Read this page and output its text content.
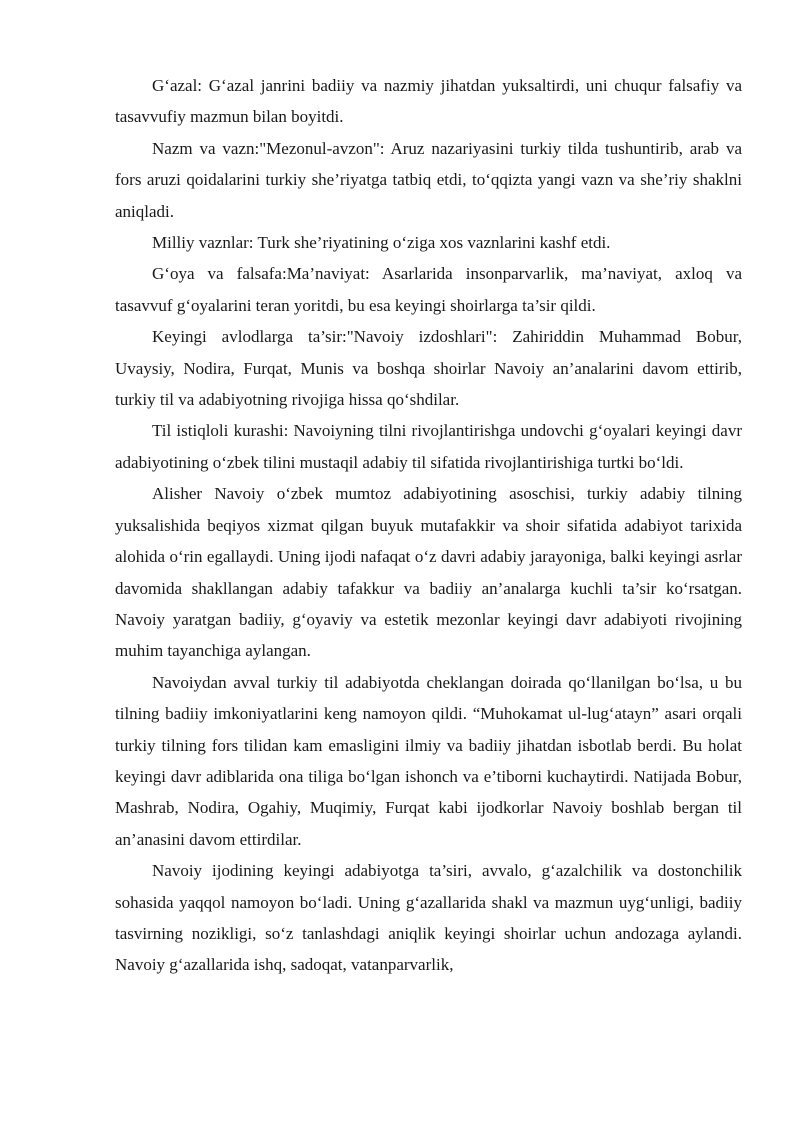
G‘azal: G‘azal janrini badiiy va nazmiy jihatdan yuksaltirdi, uni chuqur falsafiy va tasavvufiy mazmun bilan boyitdi.

Nazm va vazn:"Mezonul-avzon": Aruz nazariyasini turkiy tilda tushuntirib, arab va fors aruzi qoidalarini turkiy she’riyatga tatbiq etdi, to‘qqizta yangi vazn va she’riy shaklni aniqladi.

Milliy vaznlar: Turk she’riyatining o‘ziga xos vaznlarini kashf etdi.

G‘oya va falsafa:Ma’naviyat: Asarlarida insonparvarlik, ma’naviyat, axloq va tasavvuf g‘oyalarini teran yoritdi, bu esa keyingi shoirlarga ta’sir qildi.

Keyingi avlodlarga ta’sir:"Navoiy izdoshlari": Zahiriddin Muhammad Bobur, Uvaysiy, Nodira, Furqat, Munis va boshqa shoirlar Navoiy an’analarini davom ettirib, turkiy til va adabiyotning rivojiga hissa qo‘shdilar.

Til istiqloli kurashi: Navoiyning tilni rivojlantirishga undovchi g‘oyalari keyingi davr adabiyotining o‘zbek tilini mustaqil adabiy til sifatida rivojlantirishiga turtki bo‘ldi.

Alisher Navoiy o‘zbek mumtoz adabiyotining asoschisi, turkiy adabiy tilning yuksalishida beqiyos xizmat qilgan buyuk mutafakkir va shoir sifatida adabiyot tarixida alohida o‘rin egallaydi. Uning ijodi nafaqat o‘z davri adabiy jarayoniga, balki keyingi asrlar davomida shakllangan adabiy tafakkur va badiiy an’analarga kuchli ta’sir ko‘rsatgan. Navoiy yaratgan badiiy, g‘oyaviy va estetik mezonlar keyingi davr adabiyoti rivojining muhim tayanchiga aylangan.

Navoiydan avval turkiy til adabiyotda cheklangan doirada qo‘llanilgan bo‘lsa, u bu tilning badiiy imkoniyatlarini keng namoyon qildi. “Muhokamat ul-lug‘atayn” asari orqali turkiy tilning fors tilidan kam emasligini ilmiy va badiiy jihatdan isbotlab berdi. Bu holat keyingi davr adiblarida ona tiliga bo‘lgan ishonch va e’tiborni kuchaytirdi. Natijada Bobur, Mashrab, Nodira, Ogahiy, Muqimiy, Furqat kabi ijodkorlar Navoiy boshlab bergan til an’anasini davom ettirdilar.

Navoiy ijodining keyingi adabiyotga ta’siri, avvalo, g‘azalchilik va dostonchilik sohasida yaqqol namoyon bo‘ladi. Uning g‘azallarida shakl va mazmun uyg‘unligi, badiiy tasvirning nozikligi, so‘z tanlashdagi aniqlik keyingi shoirlar uchun andozaga aylandi. Navoiy g‘azallarida ishq, sadoqat, vatanparvarlik,
